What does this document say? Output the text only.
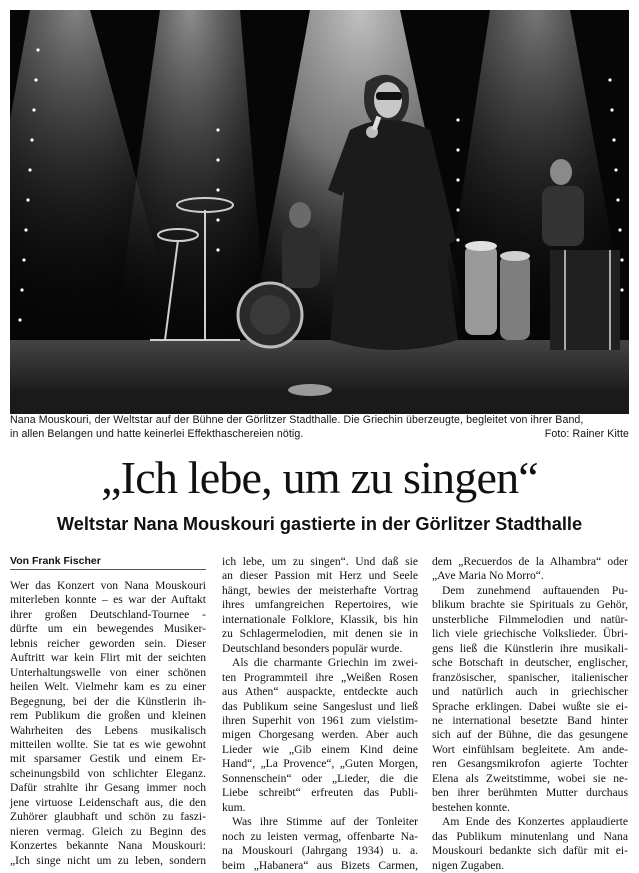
Nana Mouskouri, der Weltstar auf der Bühne der Görlitzer Stadthalle. Die Griechin überzeugte, begleitet von ihrer Band,
in allen Belangen und hatte keinerlei Effekthaschereien nötig.	Foto: Rainer Kitte
„Ich lebe, um zu singen“
Weltstar Nana Mouskouri gastierte in der Görlitzer Stadthalle
Von Frank Fischer
Wer das Konzert von Nana Mouskouri
miterleben konnte – es war der Auftakt
ihrer großen Deutschland-Tournee -
dürfte um ein bewegendes Musiker-
lebnis reicher geworden sein. Dieser
Auftritt war kein Flirt mit der seichten
Unterhaltungswelle von einer schönen
heilen Welt. Vielmehr kam es zu einer
Begegnung, bei der die Künstlerin ih-
rem Publikum die großen und kleinen
Wahrheiten des Lebens musikalisch
mitteilen wollte. Sie tat es wie gewohnt
mit sparsamer Gestik und einem Er-
scheinungsbild von schlichter Eleganz.
Dafür strahlte ihr Gesang immer noch
jene virtuose Leidenschaft aus, die den
Zuhörer glaubhaft und schön zu faszi-
nieren vermag. Gleich zu Beginn des
Konzertes bekannte Nana Mouskouri:
„Ich singe nicht um zu leben, sondern
ich lebe, um zu singen“. Und daß sie
an dieser Passion mit Herz und Seele
hängt, bewies der meisterhafte Vortrag
ihres umfangreichen Repertoires, wie
internationale Folklore, Klassik, bis hin
zu Schlagermelodien, mit denen sie in
Deutschland besonders populär wurde.
Als die charmante Griechin im zwei-
ten Programmteil ihre „Weißen Rosen
aus Athen“ auspackte, entdeckte auch
das Publikum seine Sangeslust und ließ
ihren Superhit von 1961 zum vielstim-
migen Chorgesang werden. Aber auch
Lieder wie „Gib einem Kind deine
Hand“, „La Provence“, „Guten Morgen,
Sonnenschein“ oder „Lieder, die die
Liebe schreibt“ erfreuten das Publi-
kum.
Was ihre Stimme auf der Tonleiter
noch zu leisten vermag, offenbarte Na-
na Mouskouri (Jahrgang 1934) u. a.
beim „Habanera“ aus Bizets Carmen,
dem „Recuerdos de la Alhambra“ oder
„Ave Maria No Morro“.
Dem zunehmend auftauenden Pu-
blikum brachte sie Spirituals zu Gehör,
unsterbliche Filmmelodien und natür-
lich viele griechische Volkslieder. Übri-
gens ließ die Künstlerin ihre musikali-
sche Botschaft in deutscher, englischer,
französischer, spanischer, italienischer
und natürlich auch in griechischer
Sprache erklingen. Dabei wußte sie ei-
ne international besetzte Band hinter
sich auf der Bühne, die das gesungene
Wort einfühlsam begleitete. Am ande-
ren Gesangsmikrofon agierte Tochter
Elena als Zweitstimme, wobei sie ne-
ben ihrer berühmten Mutter durchaus
bestehen konnte.
Am Ende des Konzertes applaudierte
das Publikum minutenlang und Nana
Mouskouri bedankte sich dafür mit ei-
nigen Zugaben.
